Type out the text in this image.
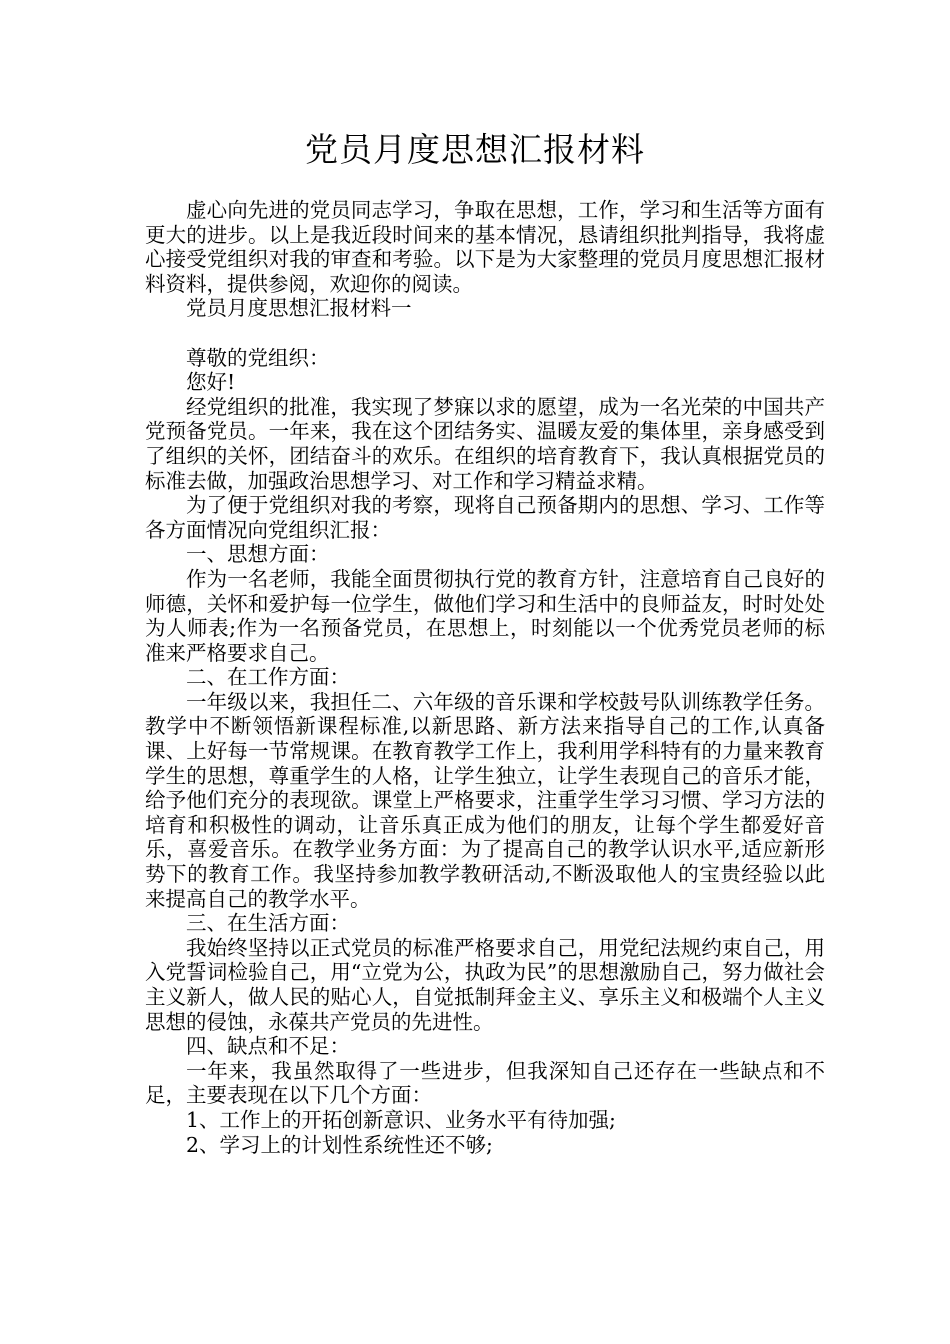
党员月度思想汇报材料

虚心向先进的党员同志学习，争取在思想，工作，学习和生活等方面有更大的进步。以上是我近段时间来的基本情况，恳请组织批判指导，我将虚心接受党组织对我的审查和考验。以下是为大家整理的党员月度思想汇报材料资料，提供参阅，欢迎你的阅读。

党员月度思想汇报材料一

尊敬的党组织：

您好!

经党组织的批准，我实现了梦寐以求的愿望，成为一名光荣的中国共产党预备党员。一年来，我在这个团结务实、温暖友爱的集体里，亲身感受到了组织的关怀，团结奋斗的欢乐。在组织的培育教育下，我认真根据党员的标准去做，加强政治思想学习、对工作和学习精益求精。

为了便于党组织对我的考察，现将自己预备期内的思想、学习、工作等各方面情况向党组织汇报：

一、思想方面：

作为一名老师，我能全面贯彻执行党的教育方针，注意培育自己良好的师德，关怀和爱护每一位学生，做他们学习和生活中的良师益友，时时处处为人师表;作为一名预备党员，在思想上，时刻能以一个优秀党员老师的标准来严格要求自己。

二、在工作方面：

一年级以来，我担任二、六年级的音乐课和学校鼓号队训练教学任务。教学中不断领悟新课程标准,以新思路、新方法来指导自己的工作,认真备课、上好每一节常规课。在教育教学工作上，我利用学科特有的力量来教育学生的思想，尊重学生的人格，让学生独立，让学生表现自己的音乐才能，给予他们充分的表现欲。课堂上严格要求，注重学生学习习惯、学习方法的培育和积极性的调动，让音乐真正成为他们的朋友，让每个学生都爱好音乐，喜爱音乐。在教学业务方面：为了提高自己的教学认识水平,适应新形势下的教育工作。我坚持参加教学教研活动,不断汲取他人的宝贵经验以此来提高自己的教学水平。

三、在生活方面：

我始终坚持以正式党员的标准严格要求自己，用党纪法规约束自己，用入党誓词检验自己，用“立党为公，执政为民”的思想激励自己，努力做社会主义新人，做人民的贴心人，自觉抵制拜金主义、享乐主义和极端个人主义思想的侵蚀，永葆共产党员的先进性。

四、缺点和不足：

一年来，我虽然取得了一些进步，但我深知自己还存在一些缺点和不足，主要表现在以下几个方面：

1、工作上的开拓创新意识、业务水平有待加强;

2、学习上的计划性系统性还不够;
